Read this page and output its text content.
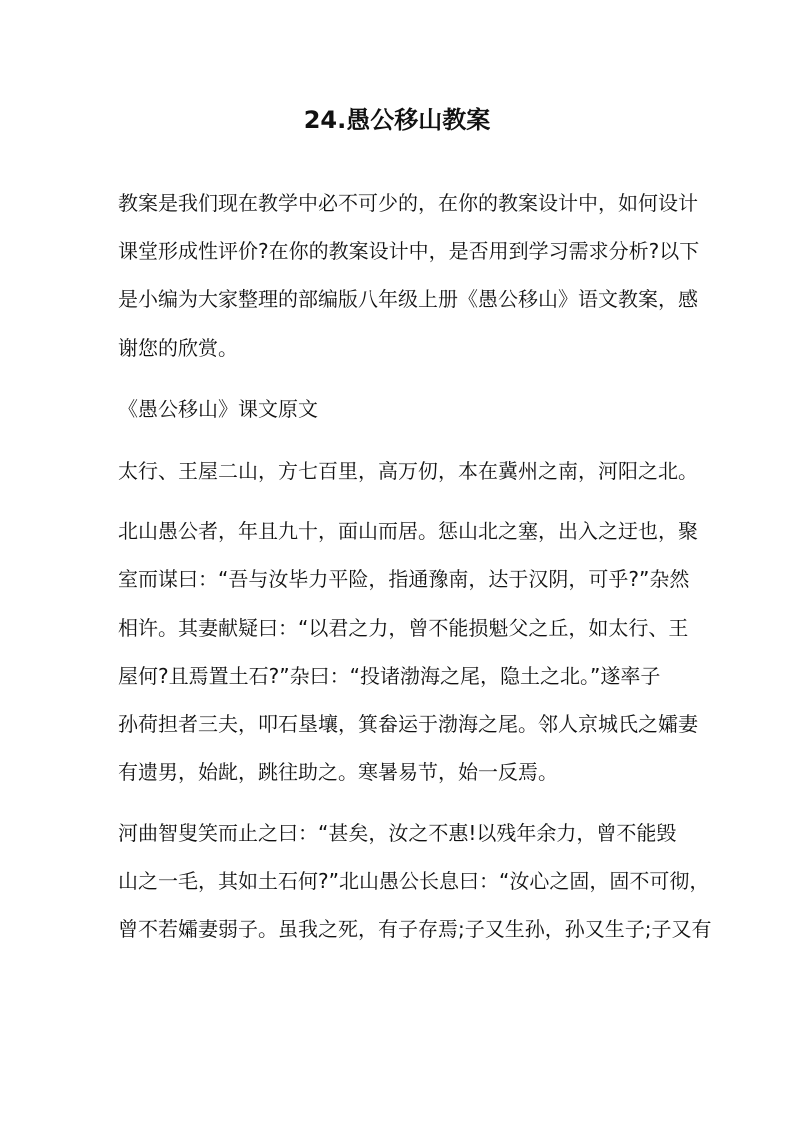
24.愚公移山教案
教案是我们现在教学中必不可少的，在你的教案设计中，如何设计
课堂形成性评价?在你的教案设计中，是否用到学习需求分析?以下
是小编为大家整理的部编版八年级上册《愚公移山》语文教案，感
谢您的欣赏。
《愚公移山》课文原文
太行、王屋二山，方七百里，高万仞，本在冀州之南，河阳之北。
北山愚公者，年且九十，面山而居。惩山北之塞，出入之迂也，聚
室而谋曰：“吾与汝毕力平险，指通豫南，达于汉阴，可乎?”杂然
相许。其妻献疑曰：“以君之力，曾不能损魁父之丘，如太行、王
屋何?且焉置土石?”杂曰：“投诸渤海之尾，隐土之北。”遂率子
孙荷担者三夫，叩石垦壤，箕畚运于渤海之尾。邻人京城氏之孀妻
有遗男，始龀，跳往助之。寒暑易节，始一反焉。
河曲智叟笑而止之曰：“甚矣，汝之不惠!以残年余力，曾不能毁
山之一毛，其如土石何?”北山愚公长息曰：“汝心之固，固不可彻，
曾不若孀妻弱子。虽我之死，有子存焉;子又生孙，孙又生子;子又有
